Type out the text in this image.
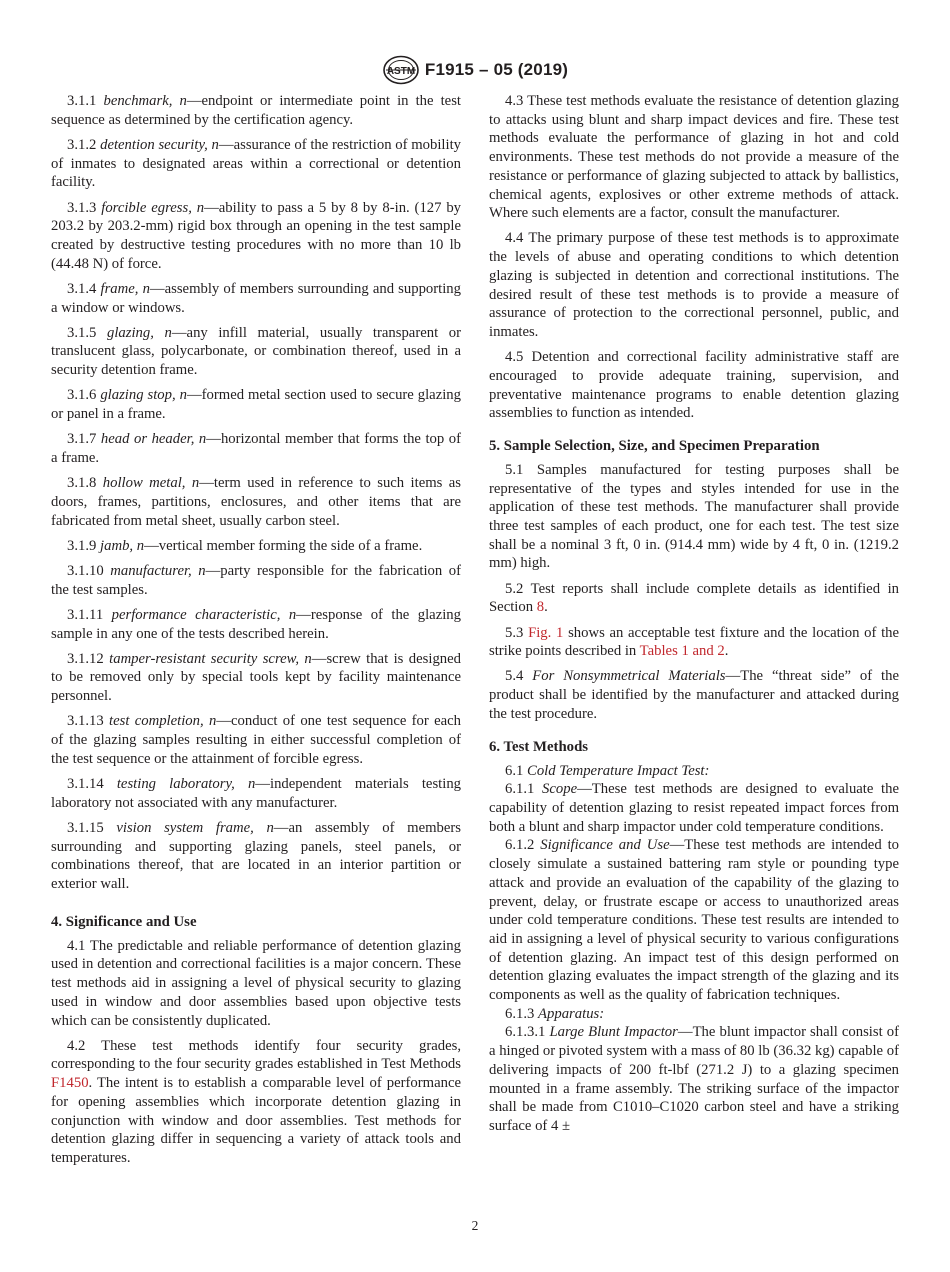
ASTM F1915 – 05 (2019)

3.1.1 benchmark, n—endpoint or intermediate point in the test sequence as determined by the certification agency.

3.1.2 detention security, n—assurance of the restriction of mobility of inmates to designated areas within a correctional or detention facility.

3.1.3 forcible egress, n—ability to pass a 5 by 8 by 8-in. (127 by 203.2 by 203.2-mm) rigid box through an opening in the test sample created by destructive testing procedures with no more than 10 lb (44.48 N) of force.

3.1.4 frame, n—assembly of members surrounding and supporting a window or windows.

3.1.5 glazing, n—any infill material, usually transparent or translucent glass, polycarbonate, or combination thereof, used in a security detention frame.

3.1.6 glazing stop, n—formed metal section used to secure glazing or panel in a frame.

3.1.7 head or header, n—horizontal member that forms the top of a frame.

3.1.8 hollow metal, n—term used in reference to such items as doors, frames, partitions, enclosures, and other items that are fabricated from metal sheet, usually carbon steel.

3.1.9 jamb, n—vertical member forming the side of a frame.

3.1.10 manufacturer, n—party responsible for the fabrication of the test samples.

3.1.11 performance characteristic, n—response of the glazing sample in any one of the tests described herein.

3.1.12 tamper-resistant security screw, n—screw that is designed to be removed only by special tools kept by facility maintenance personnel.

3.1.13 test completion, n—conduct of one test sequence for each of the glazing samples resulting in either successful completion of the test sequence or the attainment of forcible egress.

3.1.14 testing laboratory, n—independent materials testing laboratory not associated with any manufacturer.

3.1.15 vision system frame, n—an assembly of members surrounding and supporting glazing panels, steel panels, or combinations thereof, that are located in an interior partition or exterior wall.

4. Significance and Use

4.1 The predictable and reliable performance of detention glazing used in detention and correctional facilities is a major concern. These test methods aid in assigning a level of physical security to glazing used in window and door assemblies based upon objective tests which can be consistently duplicated.

4.2 These test methods identify four security grades, corresponding to the four security grades established in Test Methods F1450. The intent is to establish a comparable level of performance for opening assemblies which incorporate detention glazing in conjunction with window and door assemblies. Test methods for detention glazing differ in sequencing a variety of attack tools and temperatures.

4.3 These test methods evaluate the resistance of detention glazing to attacks using blunt and sharp impact devices and fire. These test methods evaluate the performance of glazing in hot and cold environments. These test methods do not provide a measure of the resistance or performance of glazing subjected to attack by ballistics, chemical agents, explosives or other extreme methods of attack. Where such elements are a factor, consult the manufacturer.

4.4 The primary purpose of these test methods is to approximate the levels of abuse and operating conditions to which detention glazing is subjected in detention and correctional institutions. The desired result of these test methods is to provide a measure of assurance of protection to the correctional personnel, public, and inmates.

4.5 Detention and correctional facility administrative staff are encouraged to provide adequate training, supervision, and preventative maintenance programs to enable detention glazing assemblies to function as intended.

5. Sample Selection, Size, and Specimen Preparation

5.1 Samples manufactured for testing purposes shall be representative of the types and styles intended for use in the application of these test methods. The manufacturer shall provide three test samples of each product, one for each test. The test size shall be a nominal 3 ft, 0 in. (914.4 mm) wide by 4 ft, 0 in. (1219.2 mm) high.

5.2 Test reports shall include complete details as identified in Section 8.

5.3 Fig. 1 shows an acceptable test fixture and the location of the strike points described in Tables 1 and 2.

5.4 For Nonsymmetrical Materials—The “threat side” of the product shall be identified by the manufacturer and attacked during the test procedure.

6. Test Methods

6.1 Cold Temperature Impact Test:

6.1.1 Scope—These test methods are designed to evaluate the capability of detention glazing to resist repeated impact forces from both a blunt and sharp impactor under cold temperature conditions.

6.1.2 Significance and Use—These test methods are intended to closely simulate a sustained battering ram style or pounding type attack and provide an evaluation of the capability of the glazing to prevent, delay, or frustrate escape or access to unauthorized areas under cold temperature conditions. These test results are intended to aid in assigning a level of physical security to various configurations of detention glazing. An impact test of this design performed on detention glazing evaluates the impact strength of the glazing and its components as well as the quality of fabrication techniques.

6.1.3 Apparatus:

6.1.3.1 Large Blunt Impactor—The blunt impactor shall consist of a hinged or pivoted system with a mass of 80 lb (36.32 kg) capable of delivering impacts of 200 ft-lbf (271.2 J) to a glazing specimen mounted in a frame assembly. The striking surface of the impactor shall be made from C1010–C1020 carbon steel and have a striking surface of 4 ±

2
